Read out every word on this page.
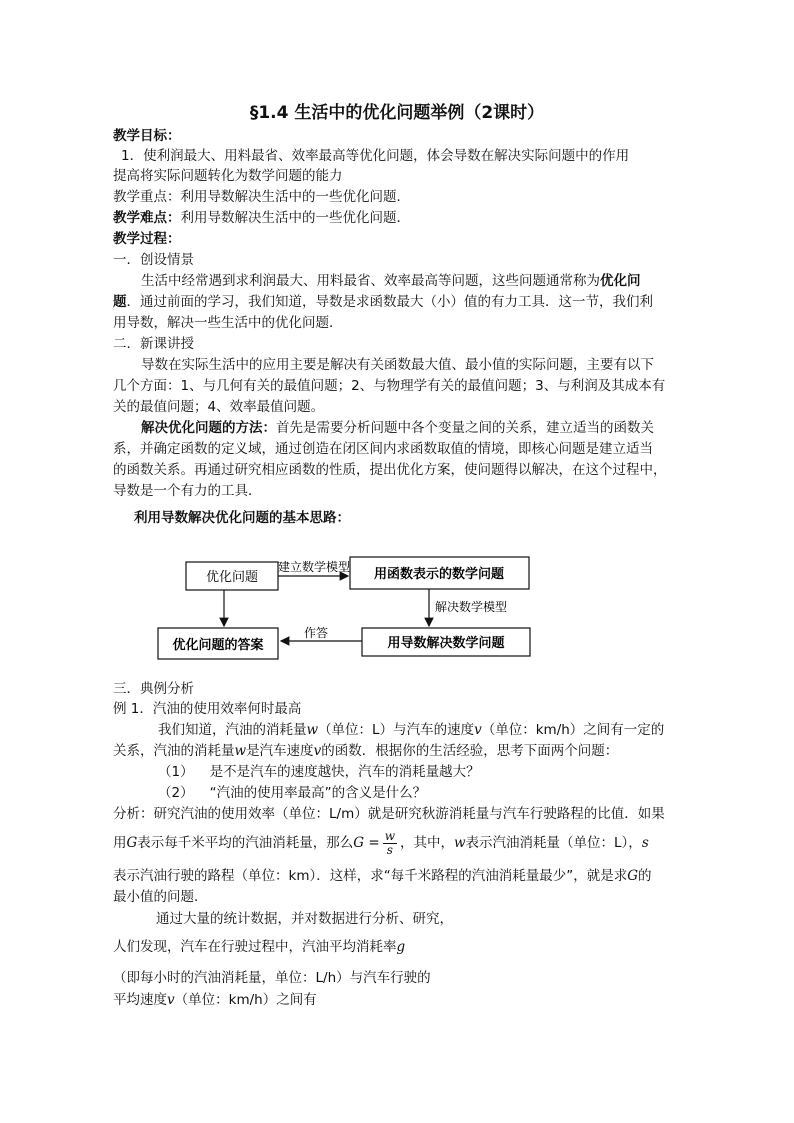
§1.4 生活中的优化问题举例（2课时）
教学目标：
1．使利润最大、用料最省、效率最高等优化问题，体会导数在解决实际问题中的作用
提高将实际问题转化为数学问题的能力
教学重点：利用导数解决生活中的一些优化问题．
教学难点：利用导数解决生活中的一些优化问题．
教学过程：
一．创设情景
生活中经常遇到求利润最大、用料最省、效率最高等问题，这些问题通常称为优化问
题．通过前面的学习，我们知道，导数是求函数最大（小）值的有力工具．这一节，我们利
用导数，解决一些生活中的优化问题．
二．新课讲授
导数在实际生活中的应用主要是解决有关函数最大值、最小值的实际问题，主要有以下
几个方面：1、与几何有关的最值问题；2、与物理学有关的最值问题；3、与利润及其成本有
关的最值问题；4、效率最值问题。
解决优化问题的方法：首先是需要分析问题中各个变量之间的关系，建立适当的函数关
系，并确定函数的定义域，通过创造在闭区间内求函数取值的情境，即核心问题是建立适当
的函数关系。再通过研究相应函数的性质，提出优化方案，使问题得以解决，在这个过程中，
导数是一个有力的工具．
利用导数解决优化问题的基本思路：
优化问题	用函数表示的数学问题
用导数解决数学问题
优化问题的答案
建立数学模型
解决数学模型
作答
三．典例分析
例 1．汽油的使用效率何时最高
我们知道，汽油的消耗量w（单位：L）与汽车的速度v（单位：km/h）之间有一定的
关系，汽油的消耗量w是汽车速度v的函数．根据你的生活经验，思考下面两个问题：
（1） 是不是汽车的速度越快，汽车的消耗量越大？
（2） “汽油的使用率最高”的含义是什么？
分析：研究汽油的使用效率（单位：L/m）就是研究秋游消耗量与汽车行驶路程的比值．如果
用G表示每千米平均的汽油消耗量，那么$G = \frac{w}{s}$ ，其中，w表示汽油消耗量（单位：L），s
表示汽油行驶的路程（单位：km）．这样，求“每千米路程的汽油消耗量最少”，就是求G的
最小值的问题．
通过大量的统计数据，并对数据进行分析、研究，
人们发现，汽车在行驶过程中，汽油平均消耗率g
（即每小时的汽油消耗量，单位：L/h）与汽车行驶的
平均速度v（单位：km/h）之间有
